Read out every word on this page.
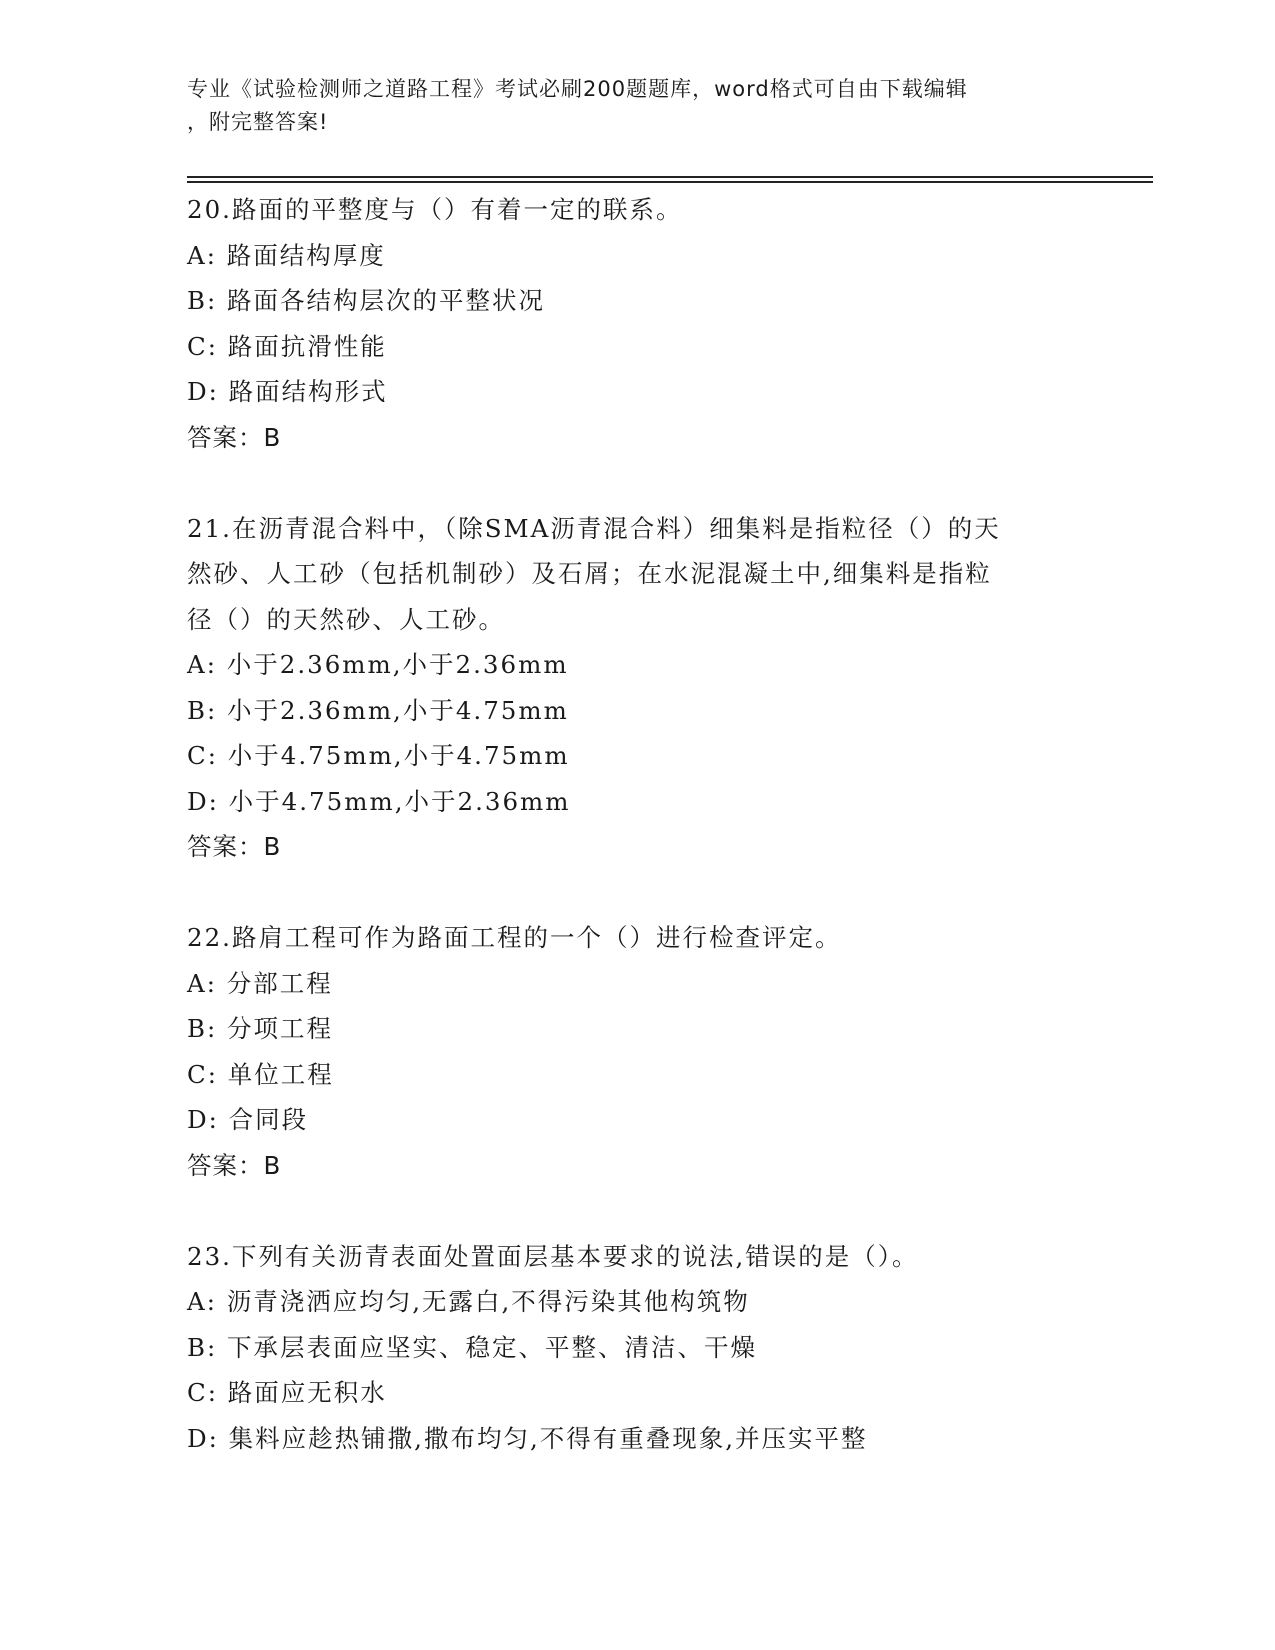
专业《试验检测师之道路工程》考试必刷200题题库，word格式可自由下载编辑
，附完整答案!
20.路面的平整度与（）有着一定的联系。
A: 路面结构厚度
B: 路面各结构层次的平整状况
C: 路面抗滑性能
D: 路面结构形式
答案：B
21.在沥青混合料中，（除SMA沥青混合料）细集料是指粒径（）的天
然砂、人工砂（包括机制砂）及石屑；在水泥混凝土中,细集料是指粒
径（）的天然砂、人工砂。
A: 小于2.36mm,小于2.36mm
B: 小于2.36mm,小于4.75mm
C: 小于4.75mm,小于4.75mm
D: 小于4.75mm,小于2.36mm
答案：B
22.路肩工程可作为路面工程的一个（）进行检查评定。
A: 分部工程
B: 分项工程
C: 单位工程
D: 合同段
答案：B
23.下列有关沥青表面处置面层基本要求的说法,错误的是（）。
A: 沥青浇洒应均匀,无露白,不得污染其他构筑物
B: 下承层表面应坚实、稳定、平整、清洁、干燥
C: 路面应无积水
D: 集料应趁热铺撒,撒布均匀,不得有重叠现象,并压实平整
